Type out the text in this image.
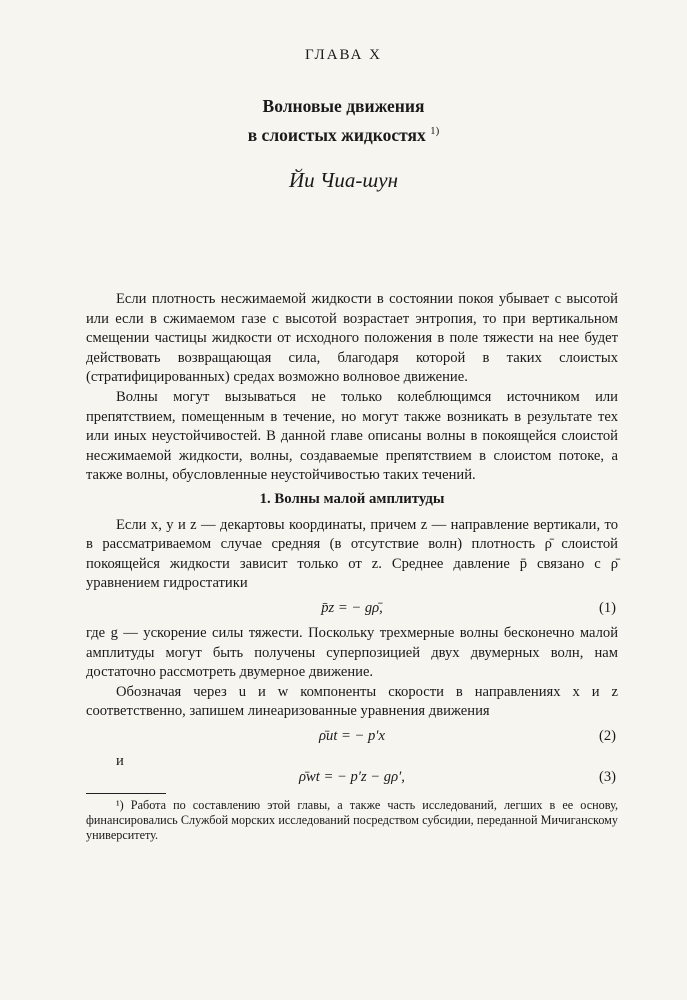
ГЛАВА X
Волновые движения
в слоистых жидкостях $^{1)}$
Йи Чиа-шун

Если плотность несжимаемой жидкости в состоянии покоя убывает с высотой или если в сжимаемом газе с высотой возрастает энтропия, то при вертикальном смещении частицы жидкости от исходного положения в поле тяжести на нее будет действовать возвращающая сила, благодаря которой в таких слоистых (стратифицированных) средах возможно волновое движение.

Волны могут вызываться не только колеблющимся источником или препятствием, помещенным в течение, но могут также возникать в результате тех или иных неустойчивостей. В данной главе описаны волны в покоящейся слоистой несжимаемой жидкости, волны, создаваемые препятствием в слоистом потоке, а также волны, обусловленные неустойчивостью таких течений.

1. Волны малой амплитуды

Если x, y и z — декартовы координаты, причем z — направление вертикали, то в рассматриваемом случае средняя (в отсутствие волн) плотность ρ̄ слоистой покоящейся жидкости зависит только от z. Среднее давление p̄ связано с ρ̄ уравнением гидростатики

p̄z = − gρ̄,	(1)

где g — ускорение силы тяжести. Поскольку трехмерные волны бесконечно малой амплитуды могут быть получены суперпозицией двух двумерных волн, нам достаточно рассмотреть двумерное движение.

Обозначая через u и w компоненты скорости в направлениях x и z соответственно, запишем линеаризованные уравнения движения

ρ̄ut = − p′x	(2)

и

ρ̄wt = − p′z − gρ′,	(3)
¹) Работа по составлению этой главы, а также часть исследований, легших в ее основу, финансировались Службой морских исследований посредством субсидии, переданной Мичиганскому университету.
